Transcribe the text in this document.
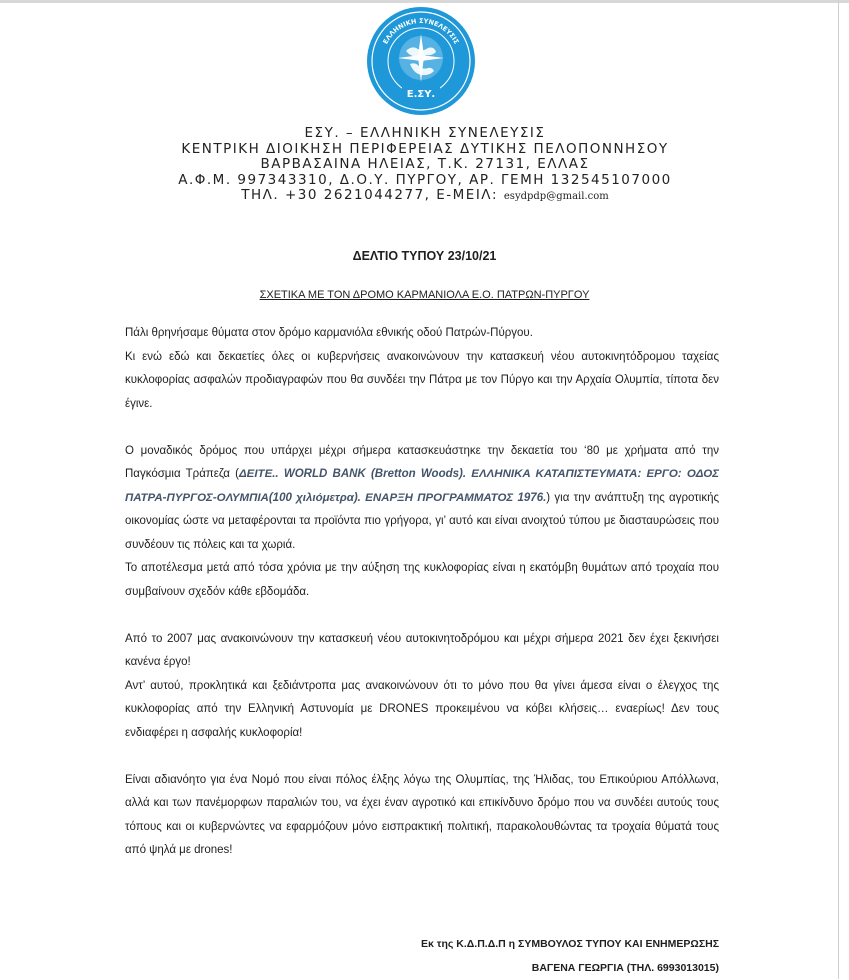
ΕΛΛΗΝΙΚΗ ΣΥΝΕΛΕΥΣΙΣ
Ε.ΣΥ.
ΕΣΥ. – ΕΛΛΗΝΙΚΗ ΣΥΝΕΛΕΥΣΙΣ
ΚΕΝΤΡΙΚΗ ΔΙΟΙΚΗΣΗ ΠΕΡΙΦΕΡΕΙΑΣ ΔΥΤΙΚΗΣ ΠΕΛΟΠΟΝΝΗΣΟΥ
ΒΑΡΒΑΣΑΙΝΑ ΗΛΕΙΑΣ, Τ.Κ. 27131, ΕΛΛΑΣ
Α.Φ.Μ. 997343310, Δ.Ο.Υ. ΠΥΡΓΟΥ, ΑΡ. ΓΕΜΗ 132545107000
ΤΗΛ. +30 2621044277, Ε-ΜΕΙΛ: esydpdp@gmail.com
ΔΕΛΤΙΟ ΤΥΠΟΥ 23/10/21
ΣΧΕΤΙΚΑ ΜΕ ΤΟΝ ΔΡΟΜΟ ΚΑΡΜΑΝΙΟΛΑ Ε.Ο. ΠΑΤΡΩΝ-ΠΥΡΓΟΥ

Πάλι θρηνήσαμε θύματα στον δρόμο καρμανιόλα εθνικής οδού Πατρών-Πύργου.

Κι ενώ εδώ και δεκαετίες όλες οι κυβερνήσεις ανακοινώνουν την κατασκευή νέου αυτοκινητόδρομου ταχείας κυκλοφορίας ασφαλών προδιαγραφών που θα συνδέει την Πάτρα με τον Πύργο και την Αρχαία Ολυμπία, τίποτα δεν έγινε.

Ο μοναδικός δρόμος που υπάρχει μέχρι σήμερα κατασκευάστηκε την δεκαετία του ‘80 με χρήματα από την Παγκόσμια Τράπεζα (ΔΕΙΤΕ.. WORLD BANK (Bretton Woods). ΕΛΛΗΝΙΚΑ ΚΑΤΑΠΙΣΤΕΥΜΑΤΑ: ΕΡΓΟ: ΟΔΟΣ ΠΑΤΡΑ-ΠΥΡΓΟΣ-ΟΛΥΜΠΙΑ(100 χιλιόμετρα). ΕΝΑΡΞΗ ΠΡΟΓΡΑΜΜΑΤΟΣ 1976.) για την ανάπτυξη της αγροτικής οικονομίας ώστε να μεταφέρονται τα προϊόντα πιο γρήγορα, γι’ αυτό και είναι ανοιχτού τύπου με διασταυρώσεις που συνδέουν τις πόλεις και τα χωριά.

Το αποτέλεσμα μετά από τόσα χρόνια με την αύξηση της κυκλοφορίας είναι η εκατόμβη θυμάτων από τροχαία που συμβαίνουν σχεδόν κάθε εβδομάδα.

Από το 2007 μας ανακοινώνουν την κατασκευή νέου αυτοκινητοδρόμου και μέχρι σήμερα 2021 δεν έχει ξεκινήσει κανένα έργο!

Αντ’ αυτού, προκλητικά και ξεδιάντροπα μας ανακοινώνουν ότι το μόνο που θα γίνει άμεσα είναι ο έλεγχος της κυκλοφορίας από την Ελληνική Αστυνομία με DRONES προκειμένου να κόβει κλήσεις… εναερίως! Δεν τους ενδιαφέρει η ασφαλής κυκλοφορία!

Είναι αδιανόητο για ένα Νομό που είναι πόλος έλξης λόγω της Ολυμπίας, της Ήλιδας, του Επικούριου Απόλλωνα, αλλά και των πανέμορφων παραλιών του, να έχει έναν αγροτικό και επικίνδυνο δρόμο που να συνδέει αυτούς τους τόπους και οι κυβερνώντες να εφαρμόζουν μόνο εισπρακτική πολιτική, παρακολουθώντας τα τροχαία θύματά τους από ψηλά με drones!

Εκ της Κ.Δ.Π.Δ.Π η ΣΥΜΒΟΥΛΟΣ ΤΥΠΟΥ ΚΑΙ ΕΝΗΜΕΡΩΣΗΣ
ΒΑΓΕΝΑ ΓΕΩΡΓΙΑ (ΤΗΛ. 6993013015)
